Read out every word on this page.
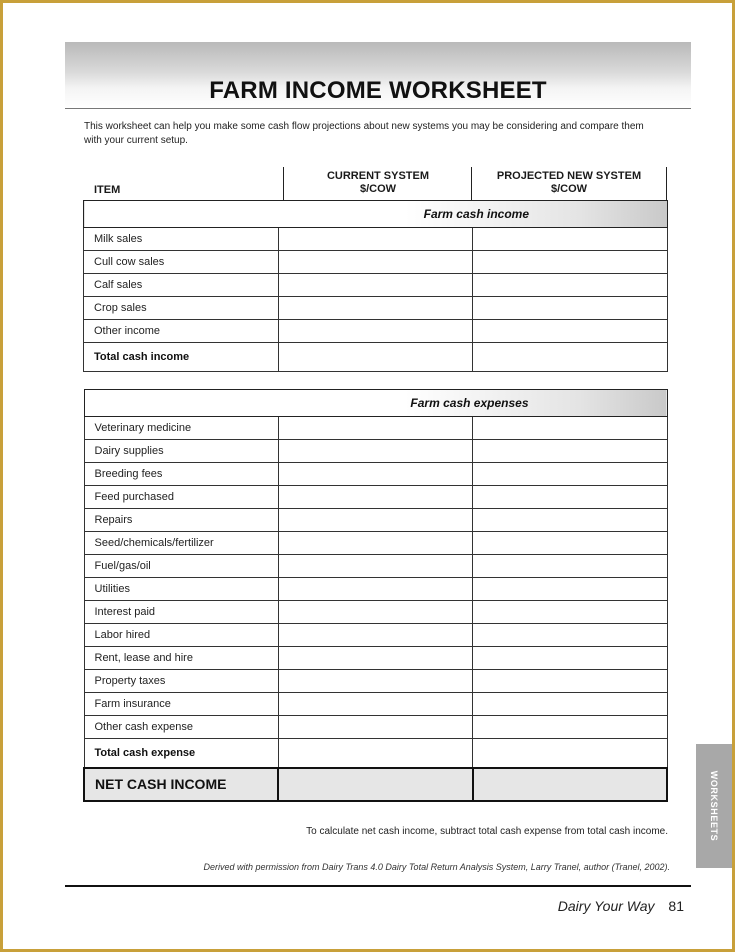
FARM INCOME WORKSHEET
This worksheet can help you make some cash flow projections about new systems you may be considering and compare them with your current setup.
ITEM
CURRENT SYSTEM
$/COW
PROJECTED NEW SYSTEM
$/COW
Farm cash income		
Milk sales		
Cull cow sales		
Calf sales		
Crop sales		
Other income		
Total cash income		
Farm cash expenses		
Veterinary medicine		
Dairy supplies		
Breeding fees		
Feed purchased		
Repairs		
Seed/chemicals/fertilizer		
Fuel/gas/oil		
Utilities		
Interest paid		
Labor hired		
Rent, lease and hire		
Property taxes		
Farm insurance		
Other cash expense		
Total cash expense		
NET CASH INCOME			WORKSHEETS
To calculate net cash income, subtract total cash expense from total cash income.
Derived with permission from Dairy Trans 4.0 Dairy Total Return Analysis System, Larry Tranel, author (Tranel, 2002).
Dairy Your Way 81
